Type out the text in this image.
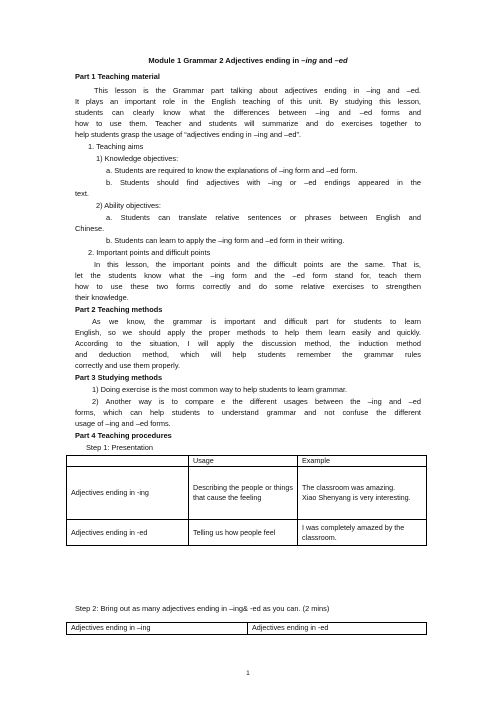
Module 1 Grammar 2 Adjectives ending in –ing and –ed
Part 1 Teaching material
This lesson is the Grammar part talking about adjectives ending in –ing and –ed.
It plays an important role in the English teaching of this unit. By studying this lesson,
students can clearly know what the differences between –ing and –ed forms and
how to use them. Teacher and students will summarize and do exercises together to
help students grasp the usage of “adjectives ending in –ing and –ed”.
1. Teaching aims
1) Knowledge objectives:
a. Students are required to know the explanations of –ing form and –ed form.
b. Students should find adjectives with –ing or –ed endings appeared in the
text.
2) Ability objectives:
a. Students can translate relative sentences or phrases between English and
Chinese.
b. Students can learn to apply the –ing form and –ed form in their writing.
2. Important points and difficult points
In this lesson, the important points and the difficult points are the same. That is,
let the students know what the –ing form and the –ed form stand for, teach them
how to use these two forms correctly and do some relative exercises to strengthen
their knowledge.
Part 2 Teaching methods
As we know, the grammar is important and difficult part for students to learn
English, so we should apply the proper methods to help them learn easily and quickly.
According to the situation, I will apply the discussion method, the induction method
and deduction method, which will help students remember the grammar rules
correctly and use them properly.
Part 3 Studying methods
1) Doing exercise is the most common way to help students to learn grammar.
2) Another way is to compare e the different usages between the –ing and –ed
forms, which can help students to understand grammar and not confuse the different
usage of –ing and –ed forms.
Part 4 Teaching procedures
Step 1: Presentation
Step 2: Bring out as many adjectives ending in –ing& -ed as you can. (2 mins)
	Usage	Example
Adjectives ending in -ing	Describing the people or things that cause the feeling	The classroom was amazing.
Xiao Shenyang is very interesting.

Adjectives ending in -ed	Telling us how people feel	I was completely amazed by the classroom.
Adjectives ending in –ing	Adjectives ending in -ed
1
